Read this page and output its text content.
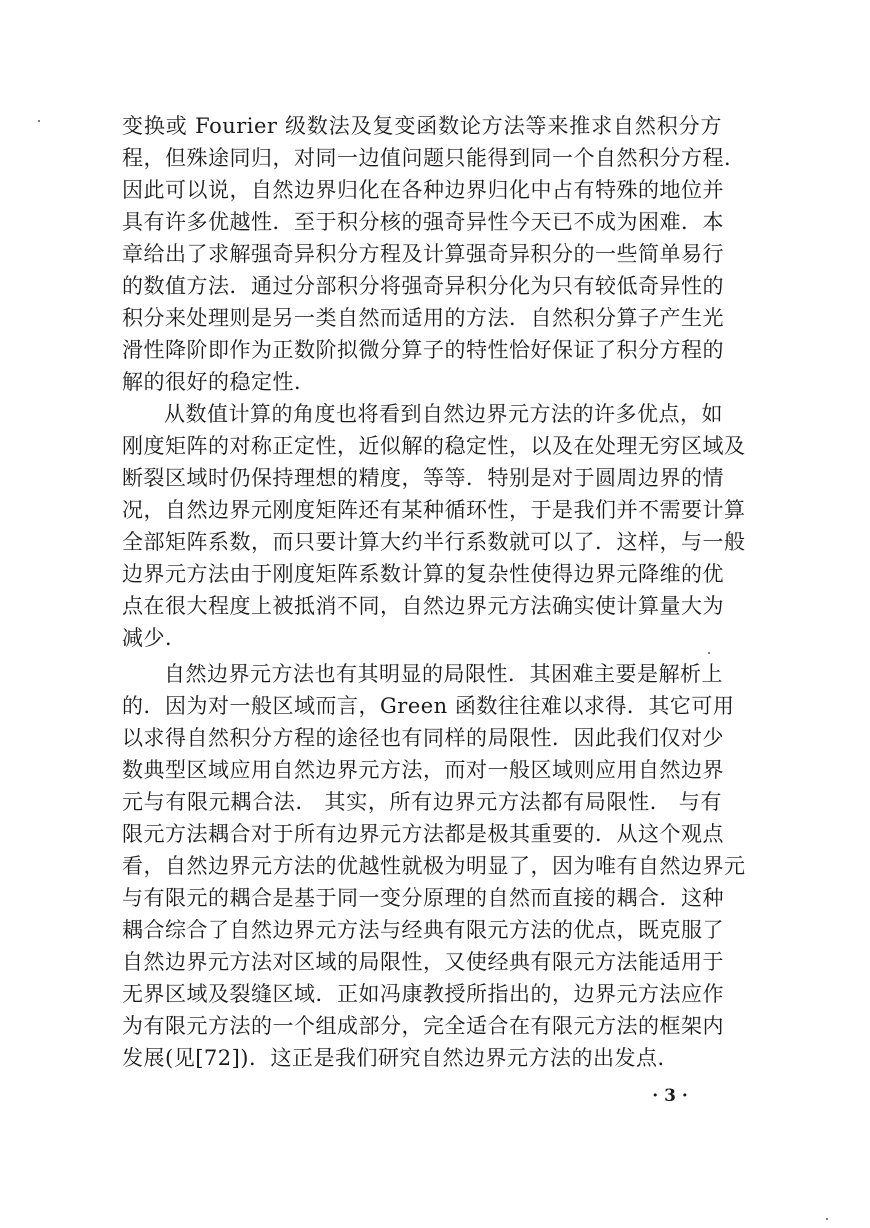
变换或 Fourier 级数法及复变函数论方法等来推求自然积分方
程，但殊途同归，对同一边值问题只能得到同一个自然积分方程．
因此可以说，自然边界归化在各种边界归化中占有特殊的地位并
具有许多优越性．至于积分核的强奇异性今天已不成为困难．本
章给出了求解强奇异积分方程及计算强奇异积分的一些简单易行
的数值方法．通过分部积分将强奇异积分化为只有较低奇异性的
积分来处理则是另一类自然而适用的方法．自然积分算子产生光
滑性降阶即作为正数阶拟微分算子的特性恰好保证了积分方程的
解的很好的稳定性．
从数值计算的角度也将看到自然边界元方法的许多优点，如
刚度矩阵的对称正定性，近似解的稳定性，以及在处理无穷区域及
断裂区域时仍保持理想的精度，等等．特别是对于圆周边界的情
况，自然边界元刚度矩阵还有某种循环性，于是我们并不需要计算
全部矩阵系数，而只要计算大约半行系数就可以了．这样，与一般
边界元方法由于刚度矩阵系数计算的复杂性使得边界元降维的优
点在很大程度上被抵消不同，自然边界元方法确实使计算量大为
减少．
自然边界元方法也有其明显的局限性．其困难主要是解析上
的．因为对一般区域而言，Green 函数往往难以求得．其它可用
以求得自然积分方程的途径也有同样的局限性．因此我们仅对少
数典型区域应用自然边界元方法，而对一般区域则应用自然边界
元与有限元耦合法． 其实，所有边界元方法都有局限性． 与有
限元方法耦合对于所有边界元方法都是极其重要的．从这个观点
看，自然边界元方法的优越性就极为明显了，因为唯有自然边界元
与有限元的耦合是基于同一变分原理的自然而直接的耦合．这种
耦合综合了自然边界元方法与经典有限元方法的优点，既克服了
自然边界元方法对区域的局限性，又使经典有限元方法能适用于
无界区域及裂缝区域．正如冯康教授所指出的，边界元方法应作
为有限元方法的一个组成部分，完全适合在有限元方法的框架内
发展(见[72])．这正是我们研究自然边界元方法的出发点．
· 3 ·
